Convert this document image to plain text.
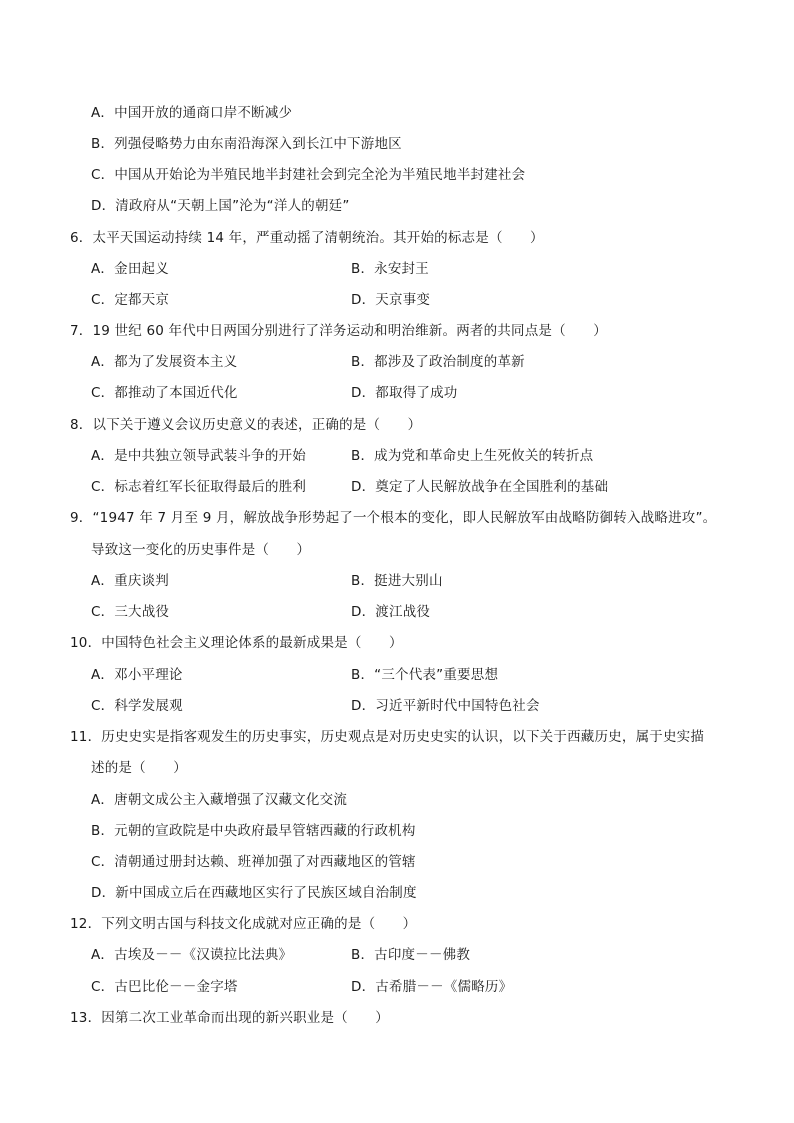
A．中国开放的通商口岸不断减少
B．列强侵略势力由东南沿海深入到长江中下游地区
C．中国从开始论为半殖民地半封建社会到完全沦为半殖民地半封建社会
D．清政府从“天朝上国”沦为“洋人的朝廷”
6．太平天国运动持续 14 年，严重动摇了清朝统治。其开始的标志是（　　）
A．金田起义	B．永安封王
C．定都天京	D．天京事变
7．19 世纪 60 年代中日两国分别进行了洋务运动和明治维新。两者的共同点是（　　）
A．都为了发展资本主义	B．都涉及了政治制度的革新
C．都推动了本国近代化	D．都取得了成功
8．以下关于遵义会议历史意义的表述，正确的是（　　）
A．是中共独立领导武装斗争的开始	B．成为党和革命史上生死攸关的转折点
C．标志着红军长征取得最后的胜利	D．奠定了人民解放战争在全国胜利的基础
9．“1947 年 7 月至 9 月，解放战争形势起了一个根本的变化，即人民解放军由战略防御转入战略进攻”。
导致这一变化的历史事件是（　　）
A．重庆谈判	B．挺进大别山
C．三大战役	D．渡江战役
10．中国特色社会主义理论体系的最新成果是（　　）
A．邓小平理论	B．“三个代表”重要思想
C．科学发展观	D．习近平新时代中国特色社会
11．历史史实是指客观发生的历史事实，历史观点是对历史史实的认识，以下关于西藏历史，属于史实描
述的是（　　）
A．唐朝文成公主入藏增强了汉藏文化交流
B．元朝的宣政院是中央政府最早管辖西藏的行政机构
C．清朝通过册封达赖、班禅加强了对西藏地区的管辖
D．新中国成立后在西藏地区实行了民族区域自治制度
12．下列文明古国与科技文化成就对应正确的是（　　）
A．古埃及－－《汉谟拉比法典》	B．古印度－－佛教
C．古巴比伦－－金字塔	D．古希腊－－《儒略历》
13．因第二次工业革命而出现的新兴职业是（　　）
